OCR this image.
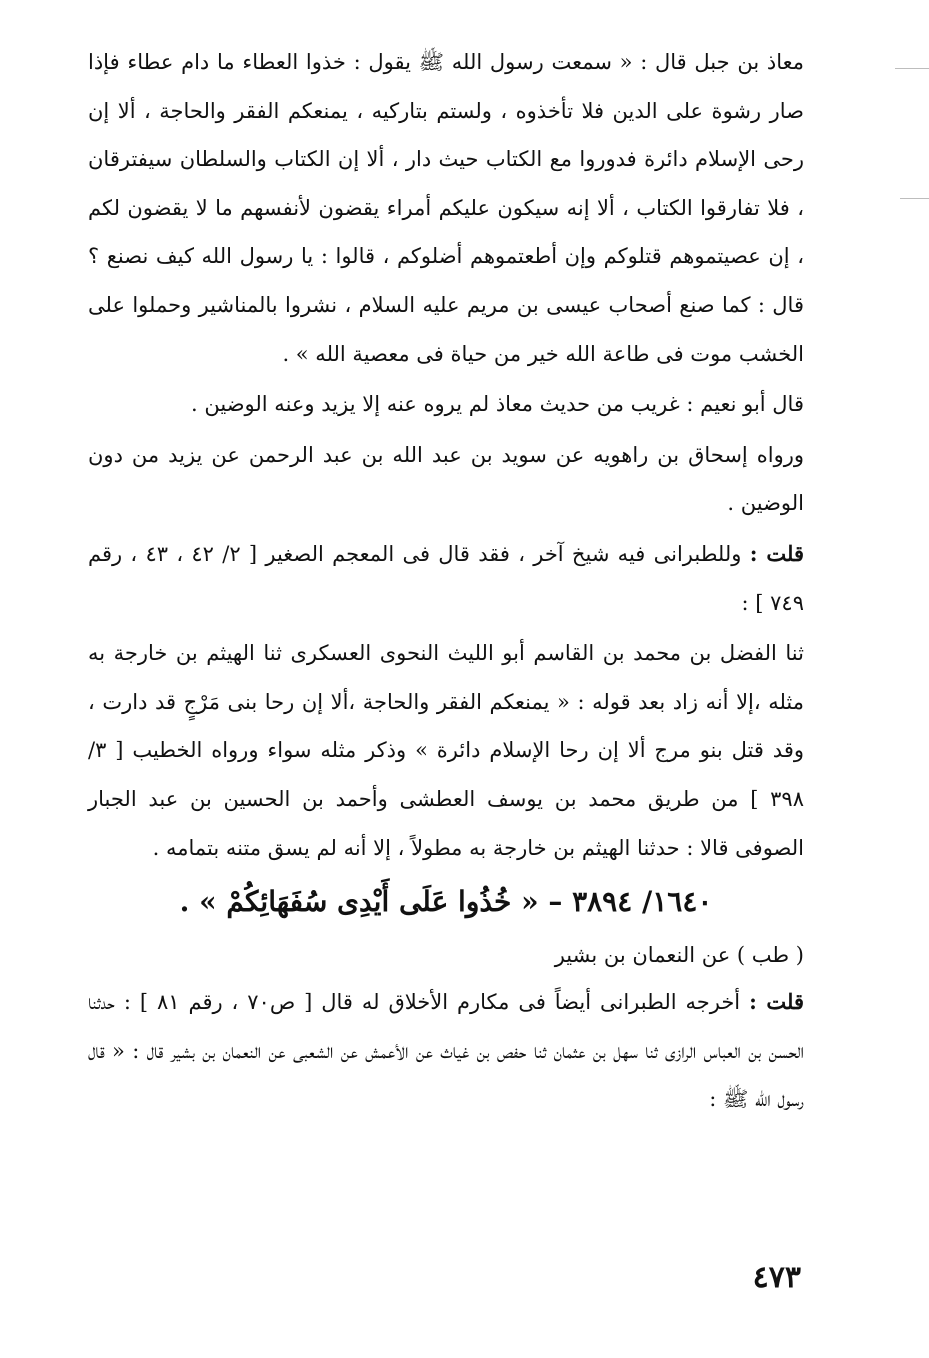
معاذ بن جبل قال : « سمعت رسول الله ﷺ يقول : خذوا العطاء ما دام عطاء فإذا صار رشوة على الدين فلا تأخذوه ، ولستم بتاركيه ، يمنعكم الفقر والحاجة ، ألا إن رحى الإسلام دائرة فدوروا مع الكتاب حيث دار ، ألا إن الكتاب والسلطان سيفترقان ، فلا تفارقوا الكتاب ، ألا إنه سيكون عليكم أمراء يقضون لأنفسهم ما لا يقضون لكم ، إن عصيتموهم قتلوكم وإن أطعتموهم أضلوكم ، قالوا : يا رسول الله كيف نصنع ؟ قال : كما صنع أصحاب عيسى بن مريم عليه السلام ، نشروا بالمناشير وحملوا على الخشب موت فى طاعة الله خير من حياة فى معصية الله » .

قال أبو نعيم : غريب من حديث معاذ لم يروه عنه إلا يزيد وعنه الوضين .

ورواه إسحاق بن راهويه عن سويد بن عبد الله بن عبد الرحمن عن يزيد من دون الوضين .

قلت : وللطبرانى فيه شيخ آخر ، فقد قال فى المعجم الصغير [ ٢/ ٤٢ ، ٤٣ ، رقم ٧٤٩ ] :

ثنا الفضل بن محمد بن القاسم أبو الليث النحوى العسكرى ثنا الهيثم بن خارجة به مثله ،إلا أنه زاد بعد قوله : « يمنعكم الفقر والحاجة ،ألا إن رحا بنى مَرْجٍ قد دارت ، وقد قتل بنو مرج ألا إن رحا الإسلام دائرة » وذكر مثله سواء ورواه الخطيب [ ٣/ ٣٩٨ ] من طريق محمد بن يوسف العطشى وأحمد بن الحسين بن عبد الجبار الصوفى قالا : حدثنا الهيثم بن خارجة به مطولاً ، إلا أنه لم يسق متنه بتمامه .

١٦٤٠/ ٣٨٩٤ – « خُذُوا عَلَى أَيْدِى سُفَهَائِكُمْ » .

( طب ) عن النعمان بن بشير

قلت : أخرجه الطبرانى أيضاً فى مكارم الأخلاق له قال [ ص٧٠ ، رقم ٨١ ] : حدثنا الحسن بن العباس الرازى ثنا سهل بن عثمان ثنا حفص بن غياث عن الأعمش عن الشعبى عن النعمان بن بشير قال : « قال رسول الله ﷺ :

٤٧٣
